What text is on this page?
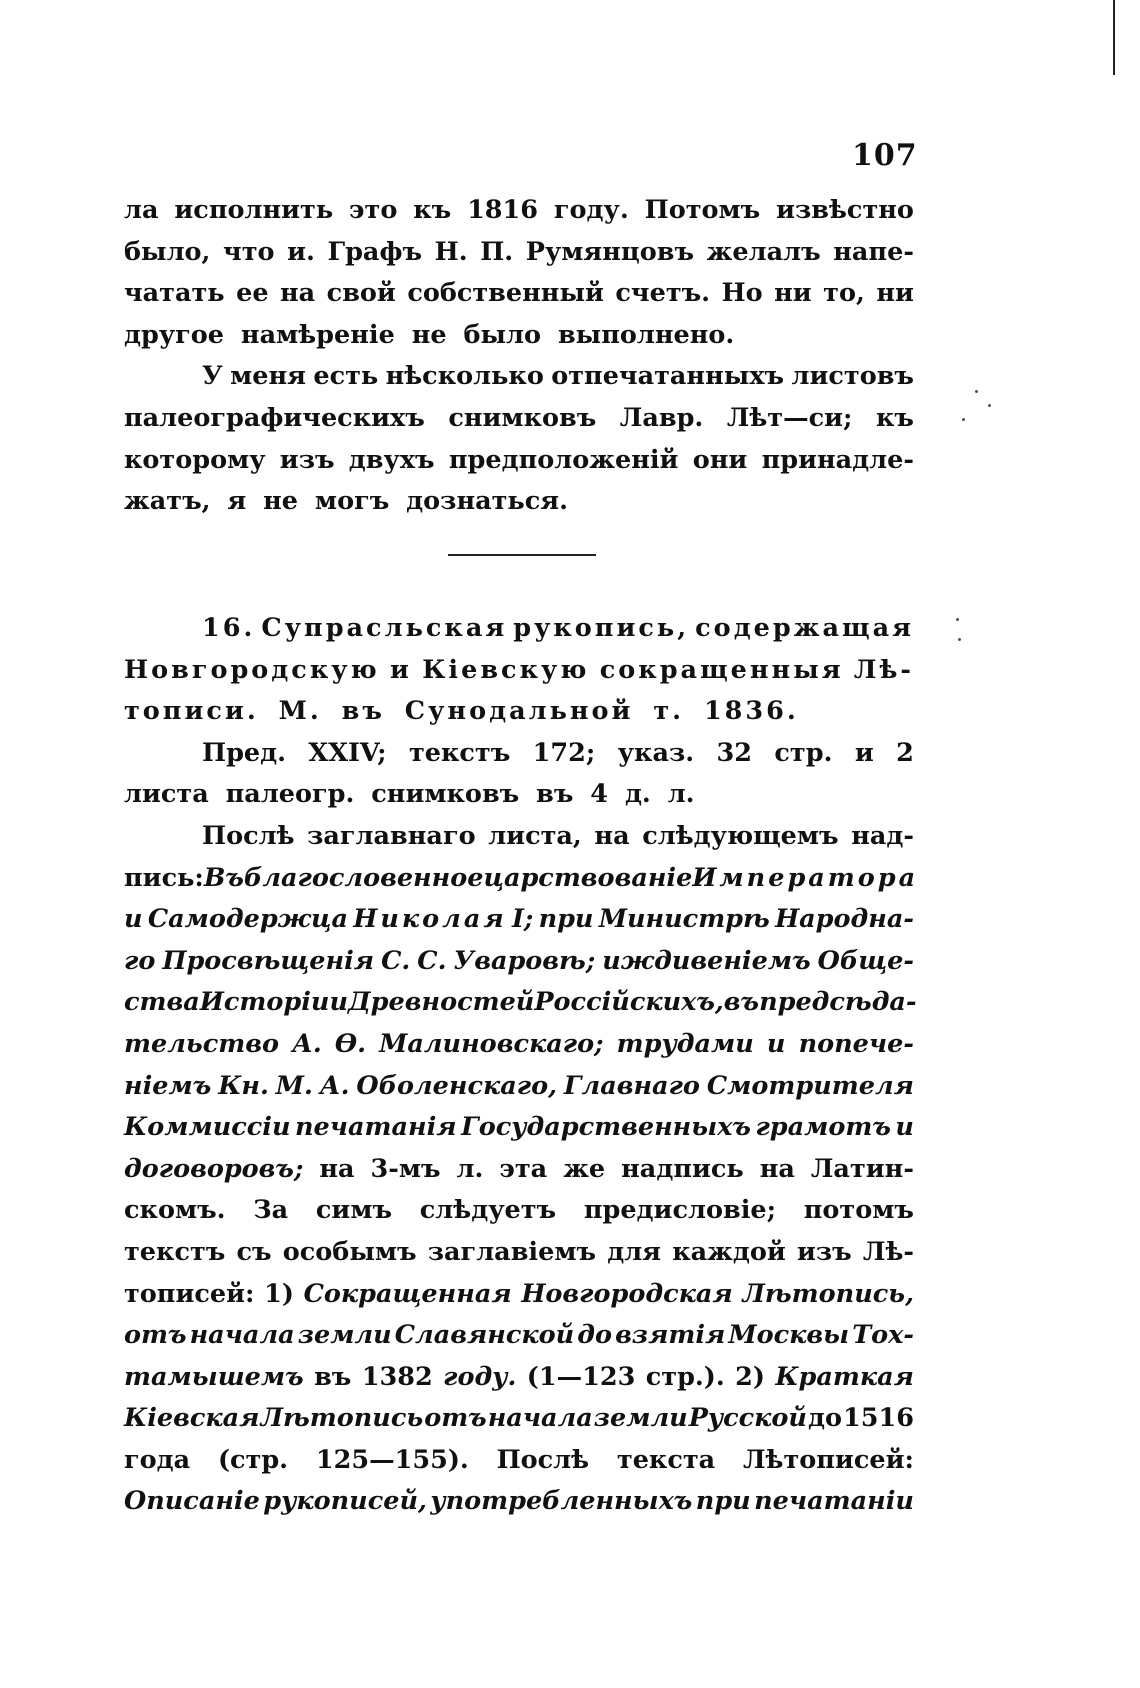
107
ла исполнить это къ 1816 году. Потомъ извѣстно
было, что и. Графъ Н. П. Румянцовъ желалъ напе-
чатать ее на свой собственный счетъ. Но ни то, ни
другое
намѣреніе
не
было
выполнено.
У меня есть нѣсколько отпечатанныхъ листовъ
палеографическихъ снимковъ Лавр. Лѣт—си; къ
которому изъ двухъ предположеній они принадле-
жатъ,
я
не
могъ
дознаться.
16. Супрасльская рукопись, содержащая
Новгородскую и Кіевскую сокращенныя Лѣ-
тописи.
М.
въ
Сунодальной
т.
1836.
Пред. XXIV; текстъ 172; указ. 32 стр. и 2
листа
палеогр.
снимковъ
въ
4
д.
л.
Послѣ заглавнаго листа, на слѣдующемъ над-
пись: Въ благословенное царствованіе Императора
и Самодержца Николая I; при Министрѣ Народна-
го Просвѣщенія С. С. Уваровѣ; иждивеніемъ Обще-
ства Исторіи и Древностей Россійскихъ, въ предсѣда-
тельство А. Ѳ. Малиновскаго; трудами и попече-
ніемъ Кн. М. А. Оболенскаго, Главнаго Смотрителя
Коммиссіи печатанія Государственныхъ грамотъ и
договоровъ; на 3-мъ л. эта же надпись на Латин-
скомъ. За симъ слѣдуетъ предисловіе; потомъ
текстъ съ особымъ заглавіемъ для каждой изъ Лѣ-
тописей: 1) Сокращенная Новгородская Лѣтопись,
отъ начала земли Славянской до взятія Москвы Тох-
тамышемъ въ 1382 году. (1—123 стр.). 2) Краткая
Кіевская Лѣтопись отъ начала земли Русской до 1516
года (стр. 125—155). Послѣ текста Лѣтописей:
Описаніе рукописей, употребленныхъ при печатаніи
